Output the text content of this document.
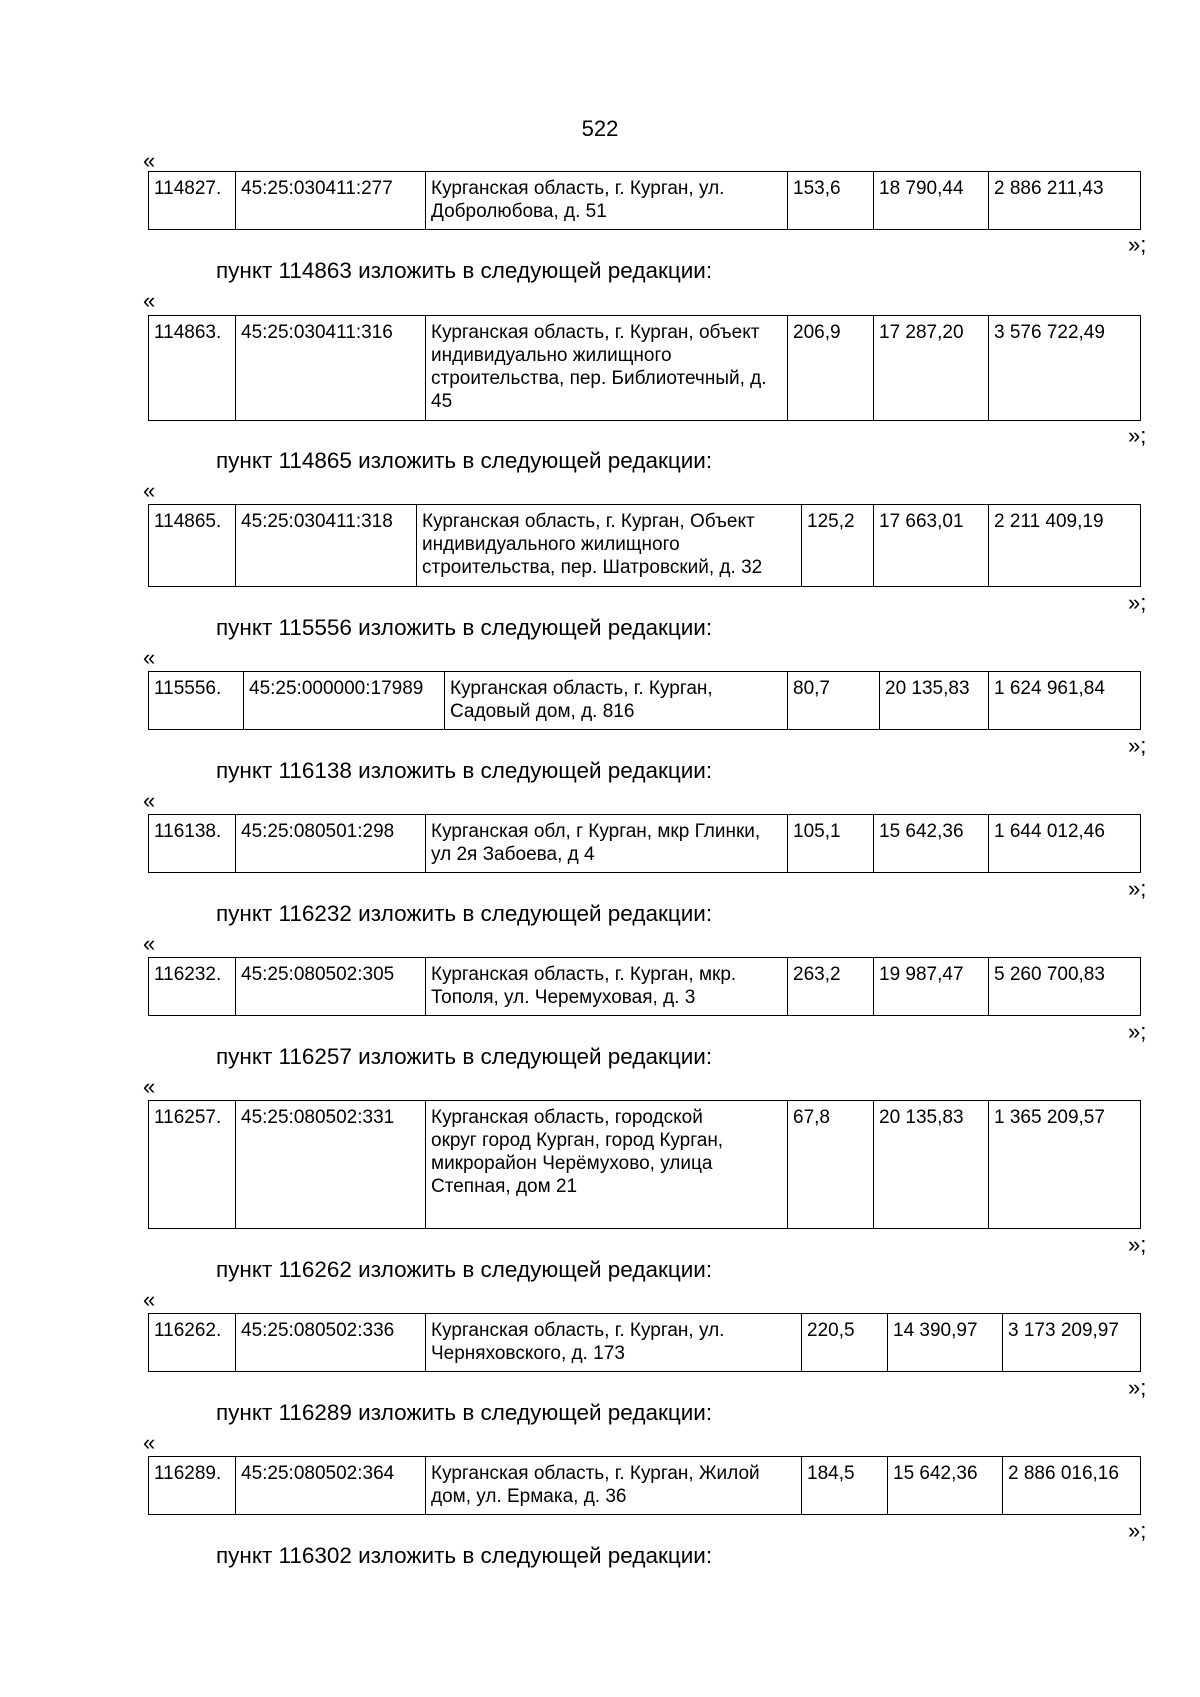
522
«
114827.	45:25:030411:277	Курганская область, г. Курган, ул. Добролюбова, д. 51	153,6	18 790,44	2 886 211,43
»;
пункт 114863 изложить в следующей редакции:
«
114863.	45:25:030411:316	Курганская область, г. Курган, объект индивидуально жилищного строительства, пер. Библиотечный, д. 45	206,9	17 287,20	3 576 722,49
»;
пункт 114865 изложить в следующей редакции:
«
114865.	45:25:030411:318	Курганская область, г. Курган, Объект индивидуального жилищного строительства, пер. Шатровский, д. 32	125,2	17 663,01	2 211 409,19
»;
пункт 115556 изложить в следующей редакции:
«
115556.	45:25:000000:17989	Курганская область, г. Курган, Садовый дом, д. 816	80,7	20 135,83	1 624 961,84
»;
пункт 116138 изложить в следующей редакции:
«
116138.	45:25:080501:298	Курганская обл, г Курган, мкр Глинки, ул 2я Забоева, д 4	105,1	15 642,36	1 644 012,46
»;
пункт 116232 изложить в следующей редакции:
«
116232.	45:25:080502:305	Курганская область, г. Курган, мкр. Тополя, ул. Черемуховая, д. 3	263,2	19 987,47	5 260 700,83
»;
пункт 116257 изложить в следующей редакции:
«
116257.	45:25:080502:331	Курганская область, городской округ город Курган, город Курган, микрорайон Черёмухово, улица Степная, дом 21	67,8	20 135,83	1 365 209,57
»;
пункт 116262 изложить в следующей редакции:
«
116262.	45:25:080502:336	Курганская область, г. Курган, ул. Черняховского, д. 173	220,5	14 390,97	3 173 209,97
»;
пункт 116289 изложить в следующей редакции:
«
116289.	45:25:080502:364	Курганская область, г. Курган, Жилой дом, ул. Ермака, д. 36	184,5	15 642,36	2 886 016,16
»;
пункт 116302 изложить в следующей редакции:
